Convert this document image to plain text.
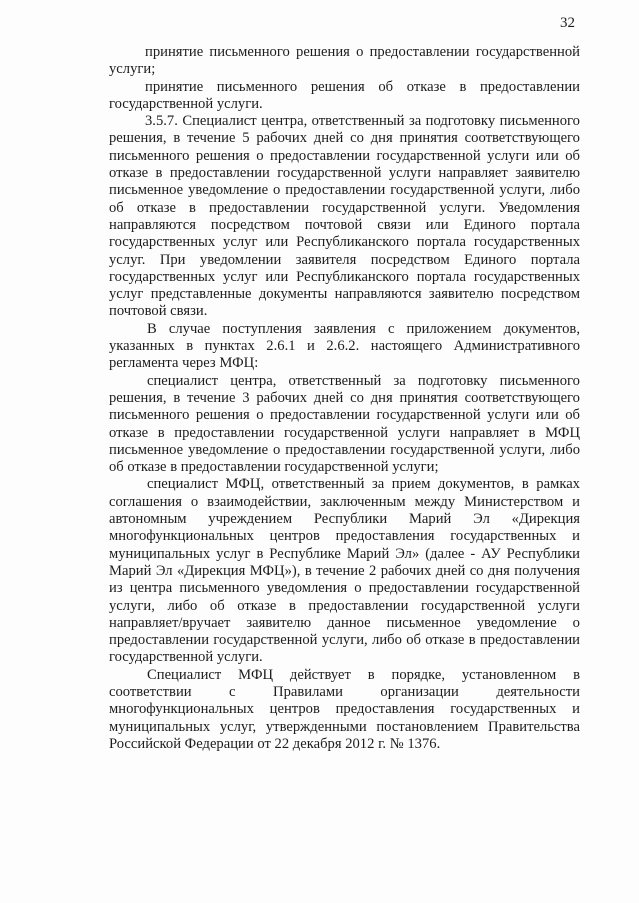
32

принятие письменного решения о предоставлении государственной услуги;

принятие письменного решения об отказе в предоставлении государственной услуги.

3.5.7. Специалист центра, ответственный за подготовку письменного решения, в течение 5 рабочих дней со дня принятия соответствующего письменного решения о предоставлении государственной услуги или об отказе в предоставлении государственной услуги направляет заявителю письменное уведомление о предоставлении государственной услуги, либо об отказе в предоставлении государственной услуги. Уведомления направляются посредством почтовой связи или Единого портала государственных услуг или Республиканского портала государственных услуг. При уведомлении заявителя посредством Единого портала государственных услуг или Республиканского портала государственных услуг представленные документы направляются заявителю посредством почтовой связи.

В случае поступления заявления с приложением документов, указанных в пунктах 2.6.1 и 2.6.2. настоящего Административного регламента через МФЦ:

специалист центра, ответственный за подготовку письменного решения, в течение 3 рабочих дней со дня принятия соответствующего письменного решения о предоставлении государственной услуги или об отказе в предоставлении государственной услуги направляет в МФЦ письменное уведомление о предоставлении государственной услуги, либо об отказе в предоставлении государственной услуги;

специалист МФЦ, ответственный за прием документов, в рамках соглашения о взаимодействии, заключенным между Министерством и автономным учреждением Республики Марий Эл «Дирекция многофункциональных центров предоставления государственных и муниципальных услуг в Республике Марий Эл» (далее - АУ Республики Марий Эл «Дирекция МФЦ»), в течение 2 рабочих дней со дня получения из центра письменного уведомления о предоставлении государственной услуги, либо об отказе в предоставлении государственной услуги направляет/вручает заявителю данное письменное уведомление о предоставлении государственной услуги, либо об отказе в предоставлении государственной услуги.

Специалист МФЦ действует в порядке, установленном в соответствии с Правилами организации деятельности многофункциональных центров предоставления государственных и муниципальных услуг, утвержденными постановлением Правительства Российской Федерации от 22 декабря 2012 г. № 1376.
